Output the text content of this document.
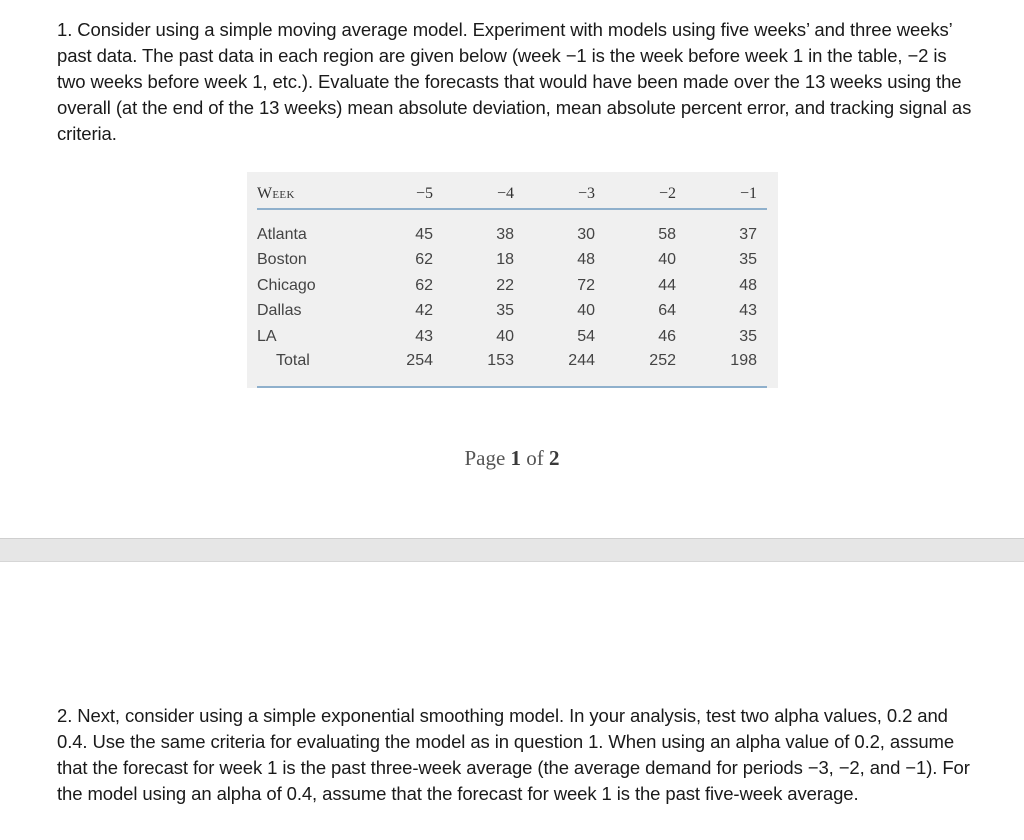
1. Consider using a simple moving average model. Experiment with models using five weeks’ and three weeks’ past data. The past data in each region are given below (week −1 is the week before week 1 in the table, −2 is two weeks before week 1, etc.). Evaluate the forecasts that would have been made over the 13 weeks using the overall (at the end of the 13 weeks) mean absolute deviation, mean absolute percent error, and tracking signal as criteria.

Week	−5	−4	−3	−2	−1

Atlanta	45	38	30	58	37
Boston	62	18	48	40	35
Chicago	62	22	72	44	48
Dallas	42	35	40	64	43
LA	43	40	54	46	35
Total	254	153	244	252	198
Page 1 of 2

2. Next, consider using a simple exponential smoothing model. In your analysis, test two alpha values, 0.2 and 0.4. Use the same criteria for evaluating the model as in question 1. When using an alpha value of 0.2, assume that the forecast for week 1 is the past three-week average (the average demand for periods −3, −2, and −1). For the model using an alpha of 0.4, assume that the forecast for week 1 is the past five-week average.
